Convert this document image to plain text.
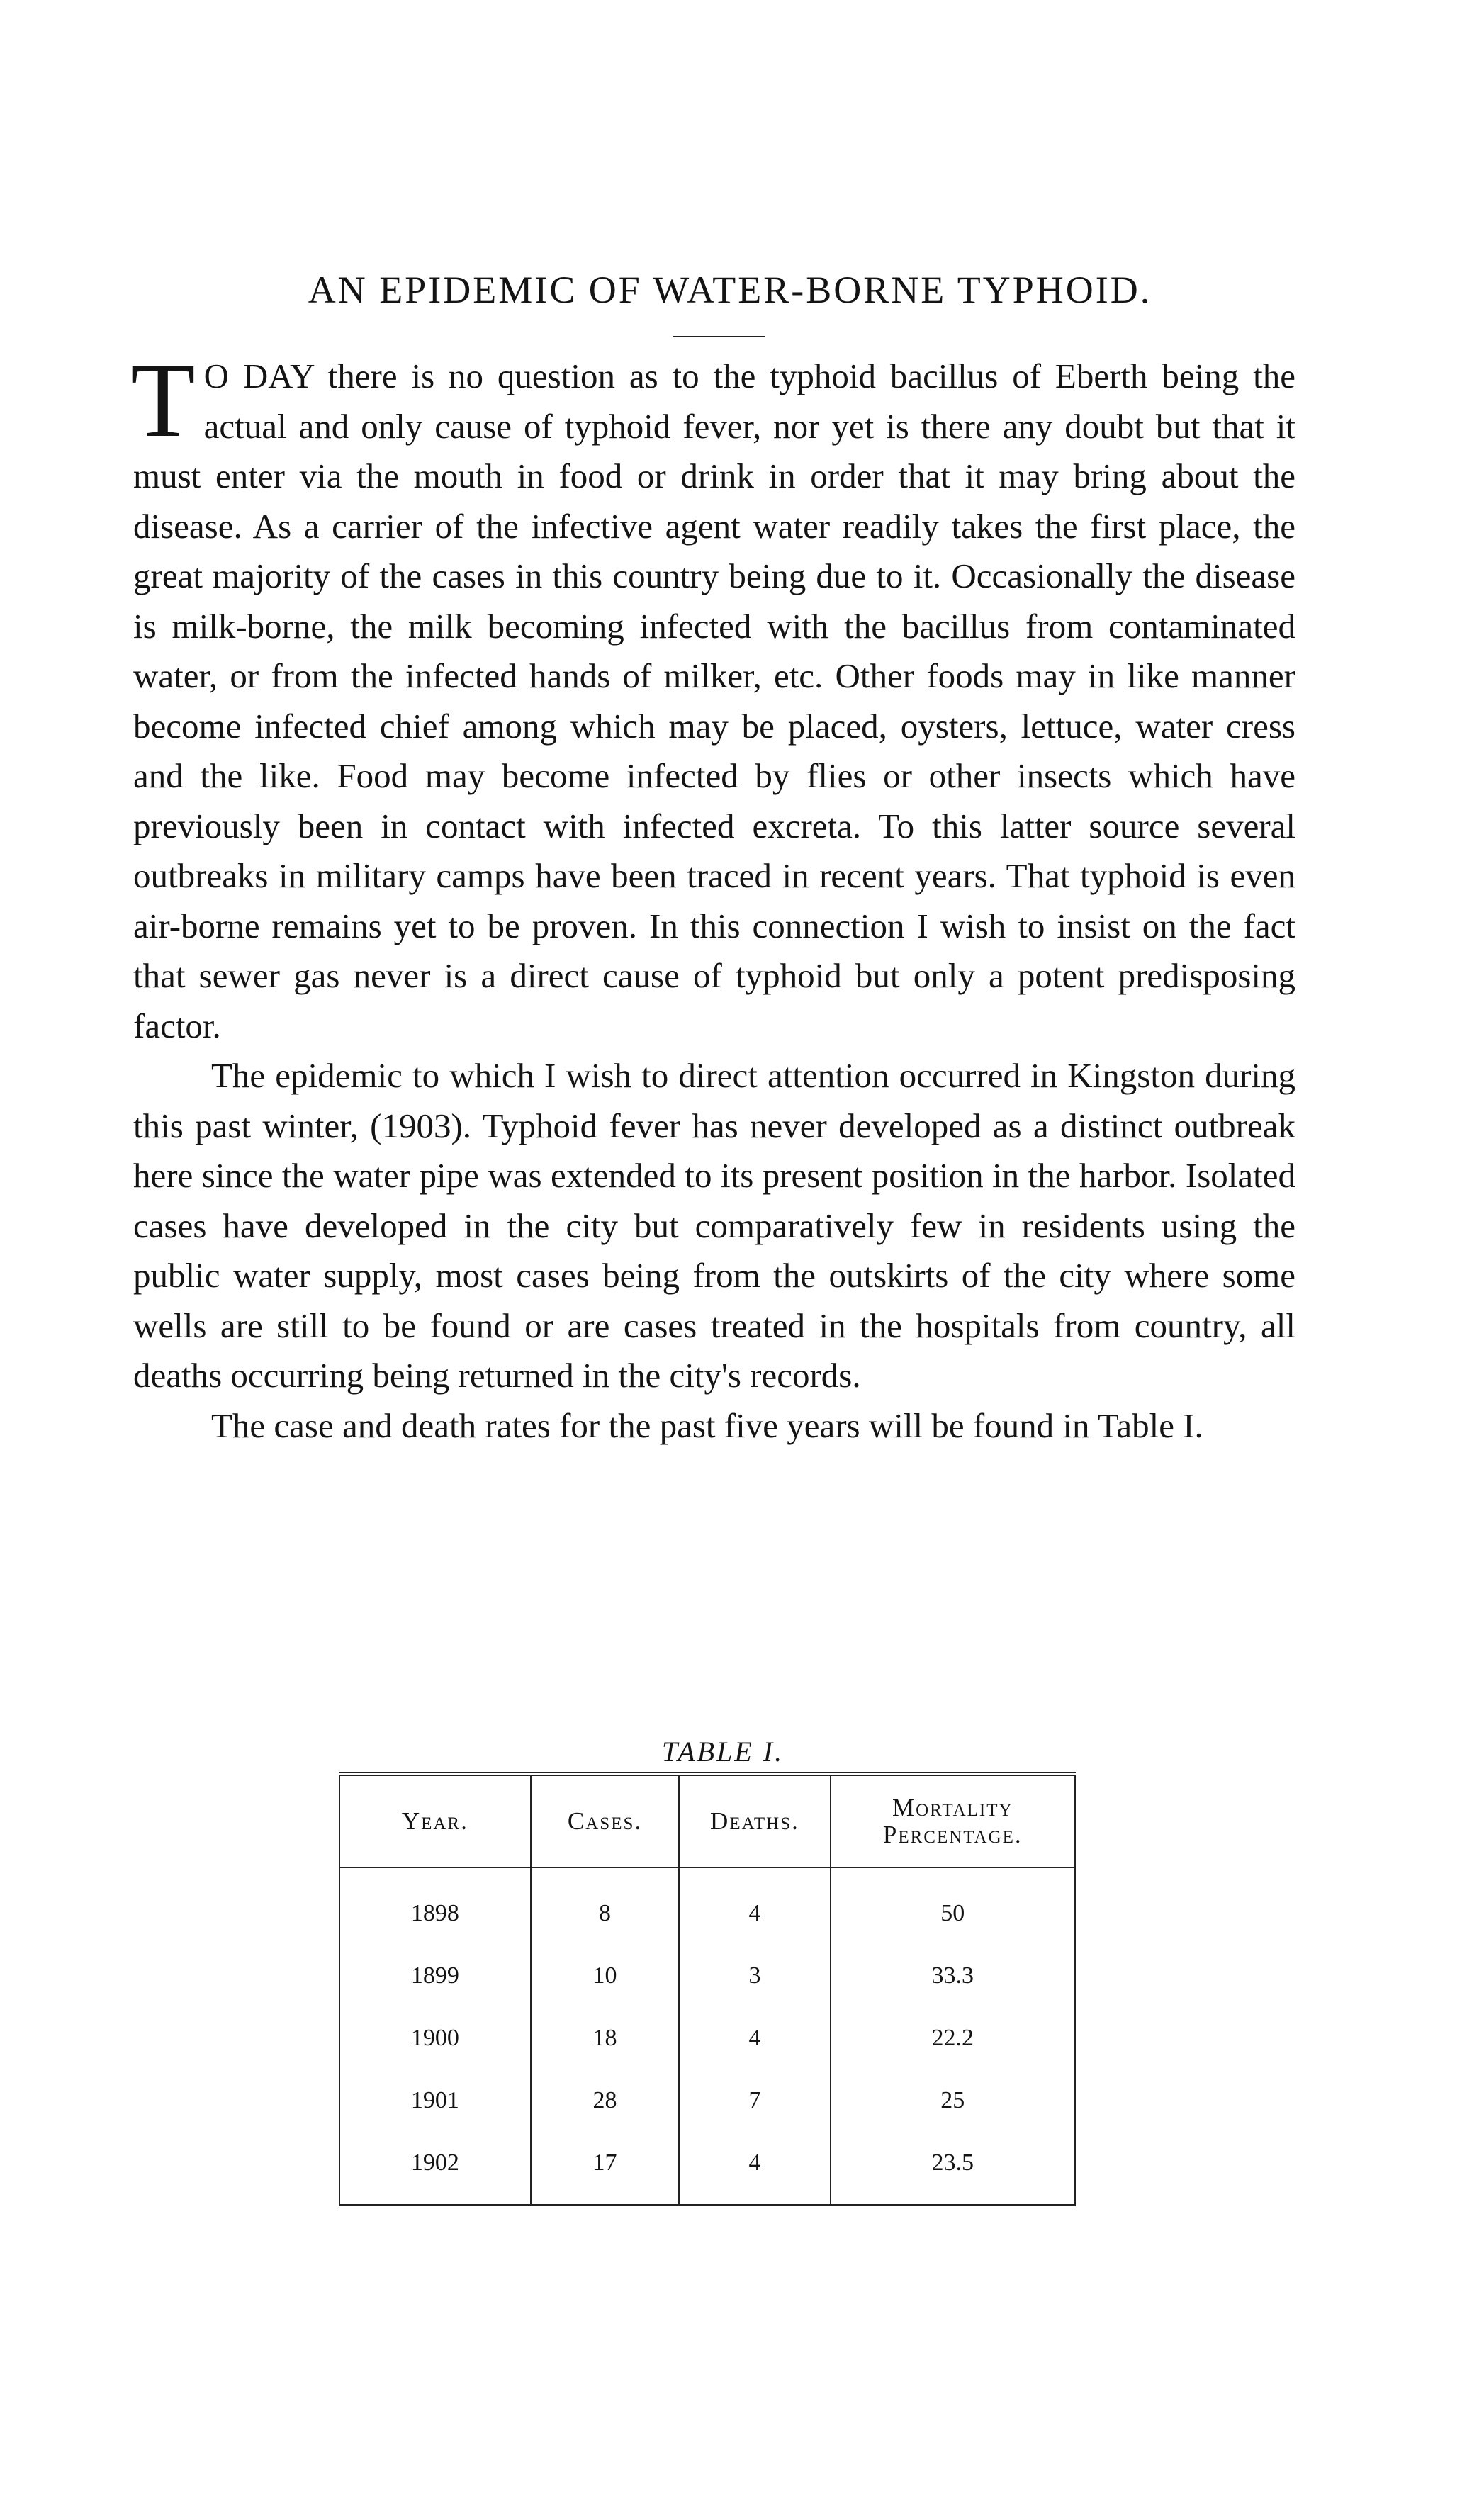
AN EPIDEMIC OF WATER-BORNE TYPHOID.

T O DAY there is no question as to the typhoid bacillus of Eberth being the actual and only cause of typhoid fever, nor yet is there any doubt but that it must enter via the mouth in food or drink in order that it may bring about the disease. As a carrier of the infective agent water readily takes the first place, the great majority of the cases in this country being due to it. Occasionally the disease is milk-borne, the milk becoming infected with the bacillus from contaminated water, or from the infected hands of milker, etc. Other foods may in like manner become infected chief among which may be placed, oysters, lettuce, water cress and the like. Food may become infected by flies or other insects which have previously been in contact with infected excreta. To this latter source several outbreaks in military camps have been traced in recent years. That typhoid is even air-borne remains yet to be proven. In this connection I wish to insist on the fact that sewer gas never is a direct cause of typhoid but only a potent predisposing factor.

The epidemic to which I wish to direct attention occurred in Kingston during this past winter, (1903). Typhoid fever has never developed as a distinct outbreak here since the water pipe was extended to its present position in the harbor. Isolated cases have developed in the city but comparatively few in residents using the public water supply, most cases being from the outskirts of the city where some wells are still to be found or are cases treated in the hospitals from country, all deaths occurring being returned in the city's records.

The case and death rates for the past five years will be found in Table I.

TABLE I.
Year.	Cases.	Deaths.	Mortality
Percentage.
1898	8	4	50
1899	10	3	33.3
1900	18	4	22.2
1901	28	7	25
1902	17	4	23.5
